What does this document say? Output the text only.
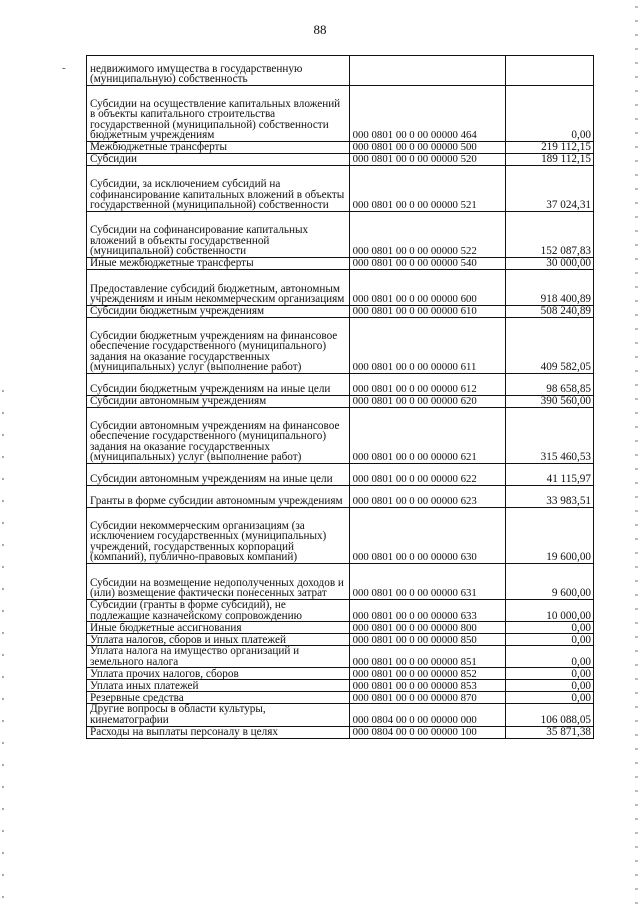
88
- недвижимого имущества в государственную (муниципальную) собственность		
Субсидии на осуществление капитальных вложений в объекты капитального строительства государственной (муниципальной) собственности бюджетным учреждениям	000 0801 00 0 00 00000 464	0,00
Межбюджетные трансферты	000 0801 00 0 00 00000 500	219 112,15
Субсидии	000 0801 00 0 00 00000 520	189 112,15
Субсидии, за исключением субсидий на софинансирование капитальных вложений в объекты государственной (муниципальной) собственности	000 0801 00 0 00 00000 521	37 024,31
Субсидии на софинансирование капитальных вложений в объекты государственной (муниципальной) собственности	000 0801 00 0 00 00000 522	152 087,83
Иные межбюджетные трансферты	000 0801 00 0 00 00000 540	30 000,00
Предоставление субсидий бюджетным, автономным учреждениям и иным некоммерческим организациям	000 0801 00 0 00 00000 600	918 400,89
Субсидии бюджетным учреждениям	000 0801 00 0 00 00000 610	508 240,89
Субсидии бюджетным учреждениям на финансовое обеспечение государственного (муниципального) задания на оказание государственных (муниципальных) услуг (выполнение работ)	000 0801 00 0 00 00000 611	409 582,05
Субсидии бюджетным учреждениям на иные цели	000 0801 00 0 00 00000 612	98 658,85
Субсидии автономным учреждениям	000 0801 00 0 00 00000 620	390 560,00
Субсидии автономным учреждениям на финансовое обеспечение государственного (муниципального) задания на оказание государственных (муниципальных) услуг (выполнение работ)	000 0801 00 0 00 00000 621	315 460,53
Субсидии автономным учреждениям на иные цели	000 0801 00 0 00 00000 622	41 115,97
Гранты в форме субсидии автономным учреждениям	000 0801 00 0 00 00000 623	33 983,51
Субсидии некоммерческим организациям (за исключением государственных (муниципальных) учреждений, государственных корпораций (компаний), публично-правовых компаний)	000 0801 00 0 00 00000 630	19 600,00
Субсидии на возмещение недополученных доходов и (или) возмещение фактически понесенных затрат	000 0801 00 0 00 00000 631	9 600,00
Субсидии (гранты в форме субсидий), не подлежащие казначейскому сопровождению	000 0801 00 0 00 00000 633	10 000,00
Иные бюджетные ассигнования	000 0801 00 0 00 00000 800	0,00
Уплата налогов, сборов и иных платежей	000 0801 00 0 00 00000 850	0,00
Уплата налога на имущество организаций и земельного налога	000 0801 00 0 00 00000 851	0,00
Уплата прочих налогов, сборов	000 0801 00 0 00 00000 852	0,00
Уплата иных платежей	000 0801 00 0 00 00000 853	0,00
Резервные средства	000 0801 00 0 00 00000 870	0,00
Другие вопросы в области культуры, кинематографии	000 0804 00 0 00 00000 000	106 088,05
Расходы на выплаты персоналу в целях	000 0804 00 0 00 00000 100	35 871,38
